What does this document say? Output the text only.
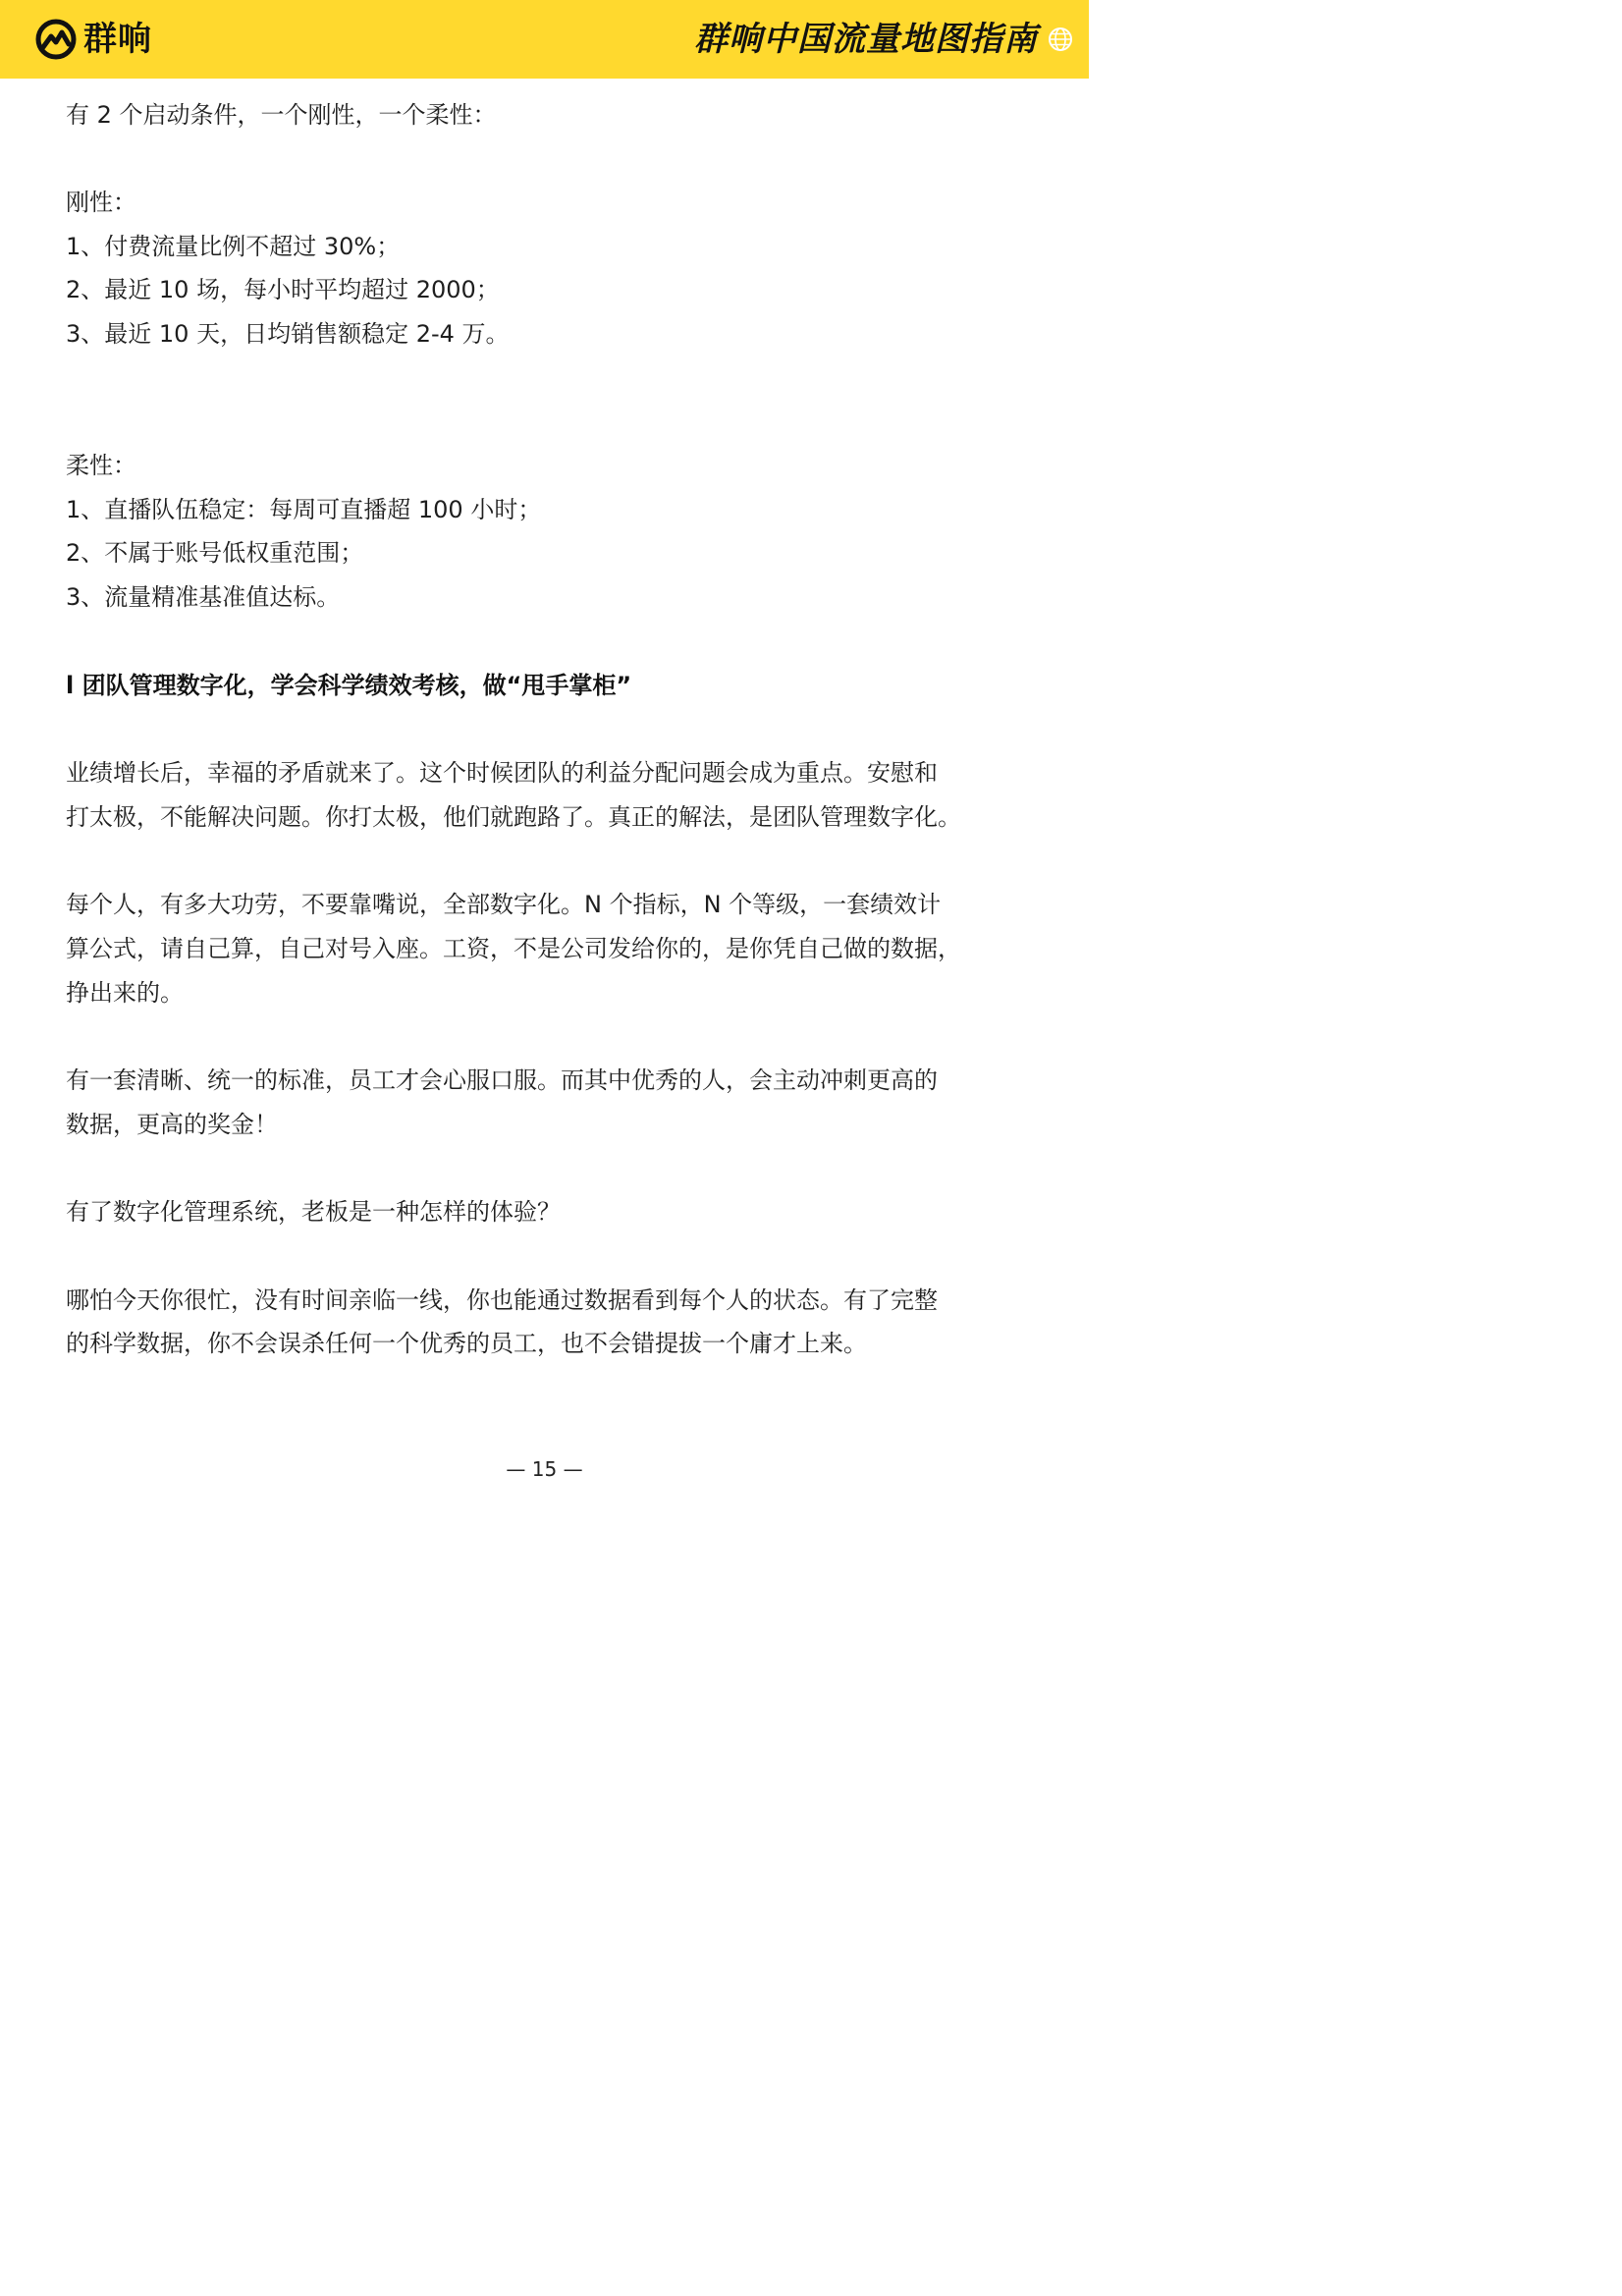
群响	群响中国流量地图指南
有 2 个启动条件，一个刚性，一个柔性：
刚性：
1、付费流量比例不超过 30%；
2、最近 10 场，每小时平均超过 2000；
3、最近 10 天，日均销售额稳定 2-4 万。
柔性：
1、直播队伍稳定：每周可直播超 100 小时；
2、不属于账号低权重范围；
3、流量精准基准值达标。
l 团队管理数字化，学会科学绩效考核，做“甩手掌柜”
业绩增长后，幸福的矛盾就来了。这个时候团队的利益分配问题会成为重点。安慰和
打太极，不能解决问题。你打太极，他们就跑路了。真正的解法，是团队管理数字化。
每个人，有多大功劳，不要靠嘴说，全部数字化。N 个指标，N 个等级，一套绩效计
算公式，请自己算，自己对号入座。工资，不是公司发给你的，是你凭自己做的数据，
挣出来的。
有一套清晰、统一的标准，员工才会心服口服。而其中优秀的人，会主动冲刺更高的
数据，更高的奖金！
有了数字化管理系统，老板是一种怎样的体验？
哪怕今天你很忙，没有时间亲临一线，你也能通过数据看到每个人的状态。有了完整
的科学数据，你不会误杀任何一个优秀的员工，也不会错提拔一个庸才上来。
— 15 —
